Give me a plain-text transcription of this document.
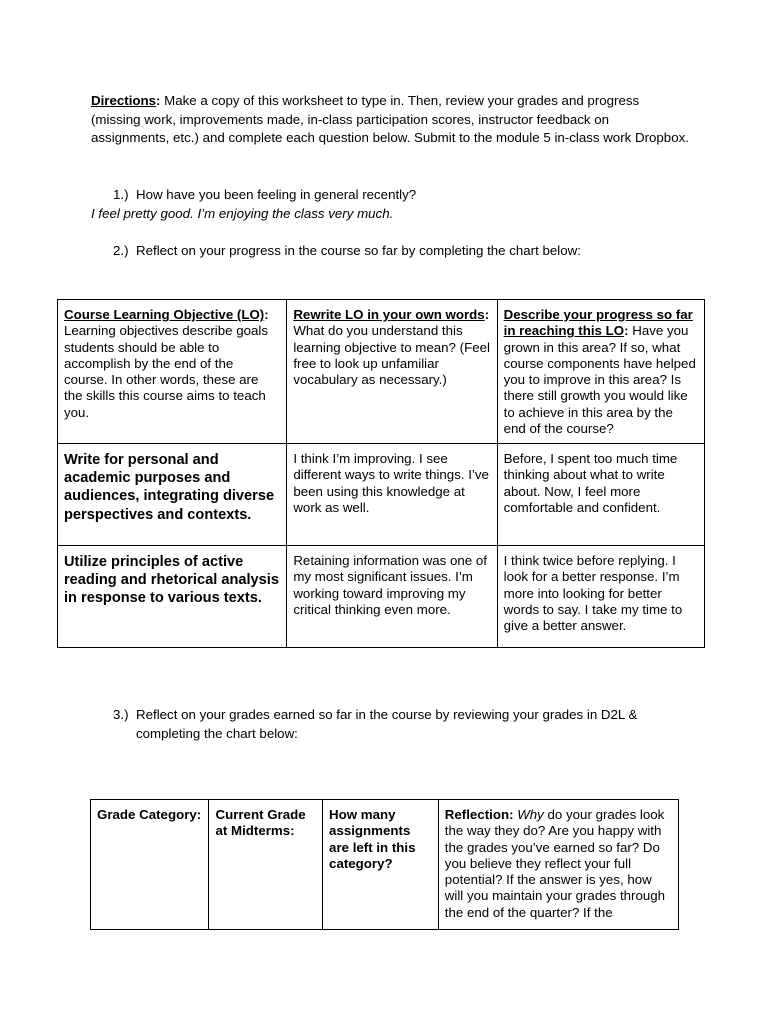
Directions: Make a copy of this worksheet to type in. Then, review your grades and progress (missing work, improvements made, in-class participation scores, instructor feedback on assignments, etc.) and complete each question below. Submit to the module 5 in-class work Dropbox.

1.) How have you been feeling in general recently?

I feel pretty good. I’m enjoying the class very much.

2.) Reflect on your progress in the course so far by completing the chart below:

Course Learning Objective (LO): Learning objectives describe goals students should be able to accomplish by the end of the course. In other words, these are the skills this course aims to teach you.	Rewrite LO in your own words: What do you understand this learning objective to mean? (Feel free to look up unfamiliar vocabulary as necessary.)	Describe your progress so far in reaching this LO: Have you grown in this area? If so, what course components have helped you to improve in this area? Is there still growth you would like to achieve in this area by the end of the course?
Write for personal and academic purposes and audiences, integrating diverse perspectives and contexts.	I think I’m improving. I see different ways to write things. I’ve been using this knowledge at work as well.	Before, I spent too much time thinking about what to write about. Now, I feel more comfortable and confident.
Utilize principles of active reading and rhetorical analysis in response to various texts.	Retaining information was one of my most significant issues. I’m working toward improving my critical thinking even more.	I think twice before replying. I look for a better response. I’m more into looking for better words to say. I take my time to give a better answer.

3.) Reflect on your grades earned so far in the course by reviewing your grades in D2L &
completing the chart below:

Grade Category:	Current Grade at Midterms:	How many assignments are left in this category?	Reflection: Why do your grades look the way they do? Are you happy with the grades you’ve earned so far? Do you believe they reflect your full potential? If the answer is yes, how will you maintain your grades through the end of the quarter? If the
